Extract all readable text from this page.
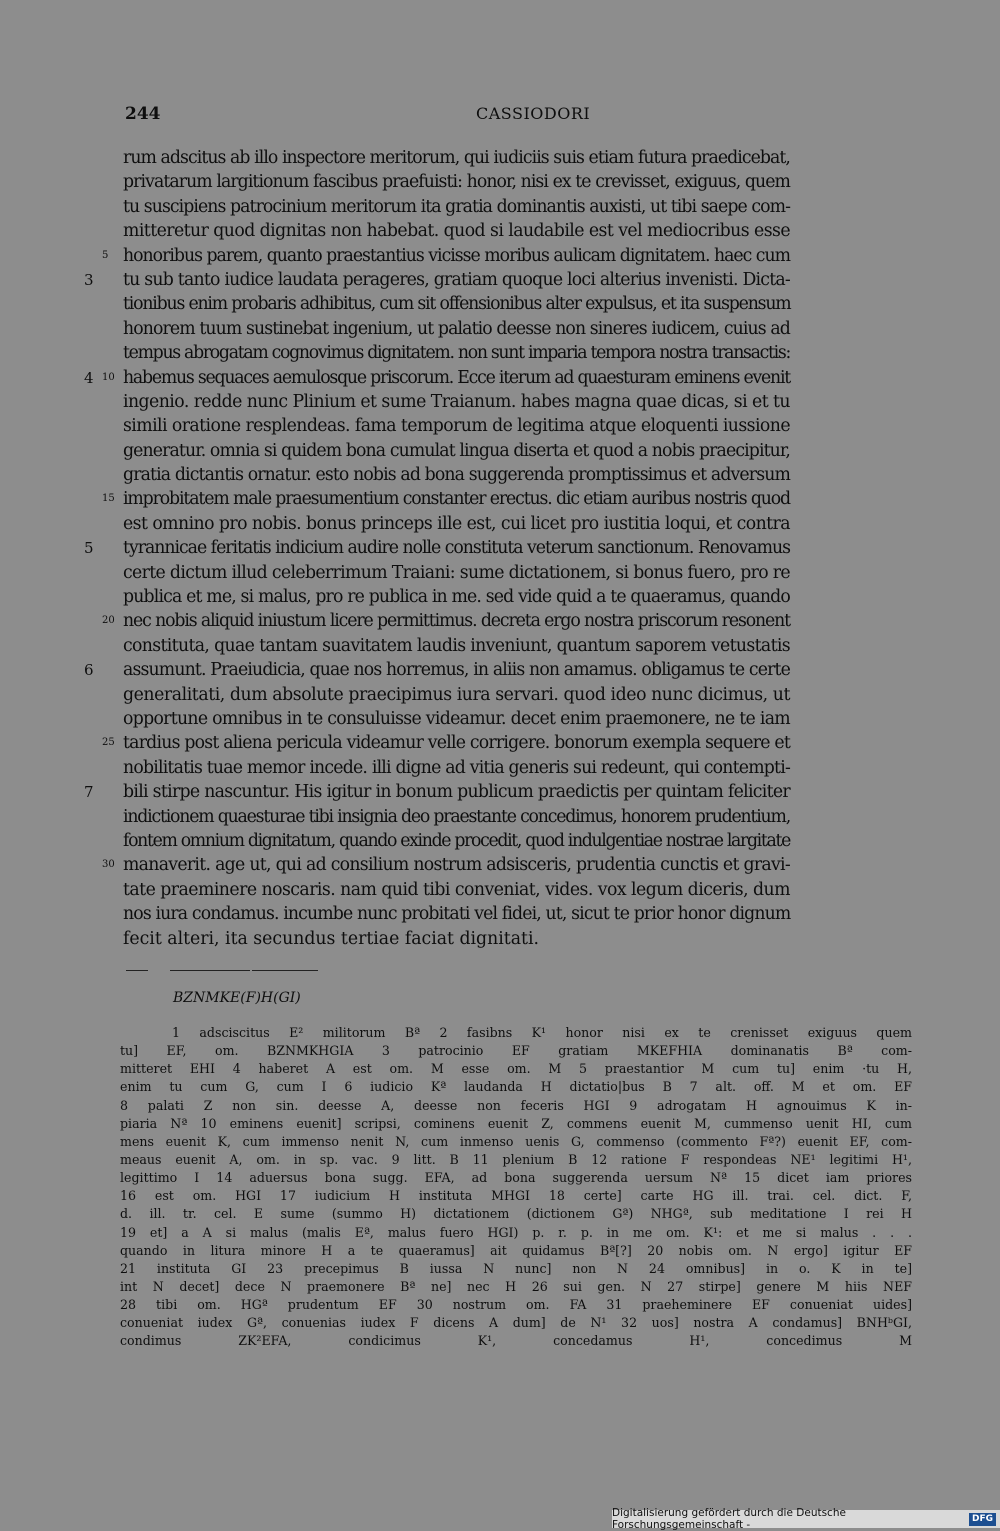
244	CASSIODORI
rum adscitus ab illo inspectore meritorum, qui iudiciis suis etiam futura praedicebat,
privatarum largitionum fascibus praefuisti: honor, nisi ex te crevisset, exiguus, quem
tu suscipiens patrocinium meritorum ita gratia dominantis auxisti, ut tibi saepe com-
mitteretur quod dignitas non habebat. quod si laudabile est vel mediocribus esse
5 honoribus parem, quanto praestantius vicisse moribus aulicam dignitatem. haec cum
3 tu sub tanto iudice laudata perageres, gratiam quoque loci alterius invenisti. Dicta-
tionibus enim probaris adhibitus, cum sit offensionibus alter expulsus, et ita suspensum
honorem tuum sustinebat ingenium, ut palatio deesse non sineres iudicem, cuius ad
tempus abrogatam cognovimus dignitatem. non sunt imparia tempora nostra transactis:
4 10 habemus sequaces aemulosque priscorum. Ecce iterum ad quaesturam eminens evenit
ingenio. redde nunc Plinium et sume Traianum. habes magna quae dicas, si et tu
simili oratione resplendeas. fama temporum de legitima atque eloquenti iussione
generatur. omnia si quidem bona cumulat lingua diserta et quod a nobis praecipitur,
gratia dictantis ornatur. esto nobis ad bona suggerenda promptissimus et adversum
15 improbitatem male praesumentium constanter erectus. dic etiam auribus nostris quod
est omnino pro nobis. bonus princeps ille est, cui licet pro iustitia loqui, et contra
5 tyrannicae feritatis indicium audire nolle constituta veterum sanctionum. Renovamus
certe dictum illud celeberrimum Traiani: sume dictationem, si bonus fuero, pro re
publica et me, si malus, pro re publica in me. sed vide quid a te quaeramus, quando
20 nec nobis aliquid iniustum licere permittimus. decreta ergo nostra priscorum resonent
constituta, quae tantam suavitatem laudis inveniunt, quantum saporem vetustatis
6 assumunt. Praeiudicia, quae nos horremus, in aliis non amamus. obligamus te certe
generalitati, dum absolute praecipimus iura servari. quod ideo nunc dicimus, ut
opportune omnibus in te consuluisse videamur. decet enim praemonere, ne te iam
25 tardius post aliena pericula videamur velle corrigere. bonorum exempla sequere et
nobilitatis tuae memor incede. illi digne ad vitia generis sui redeunt, qui contempti-
7 bili stirpe nascuntur. His igitur in bonum publicum praedictis per quintam feliciter
indictionem quaesturae tibi insignia deo praestante concedimus, honorem prudentium,
fontem omnium dignitatum, quando exinde procedit, quod indulgentiae nostrae largitate
30 manaverit. age ut, qui ad consilium nostrum adsisceris, prudentia cunctis et gravi-
tate praeminere noscaris. nam quid tibi conveniat, vides. vox legum diceris, dum
nos iura condamus. incumbe nunc probitati vel fidei, ut, sicut te prior honor dignum
fecit alteri, ita secundus tertiae faciat dignitati.
BZNMKE(F)H(GI)
1 adsciscitus E² militorum Bª 2 fasibns K¹ honor nisi ex te crenisset exiguus quem
tu] EF, om. BZNMKHGIA 3 patrocinio EF gratiam MKEFHIA dominanatis Bª com-
mitteret EHI 4 haberet A est om. M esse om. M 5 praestantior M cum tu] enim ·tu H,
enim tu cum G, cum I 6 iudicio Kª laudanda H dictatio|bus B 7 alt. off. M et om. EF
8 palati Z non sin. deesse A, deesse non feceris HGI 9 adrogatam H agnouimus K in-
piaria Nª 10 eminens euenit] scripsi, cominens euenit Z, commens euenit M, cummenso uenit HI, cum
mens euenit K, cum immenso nenit N, cum inmenso uenis G, commenso (commento Fª?) euenit EF, com-
meaus euenit A, om. in sp. vac. 9 litt. B 11 plenium B 12 ratione F respondeas NE¹ legitimi H¹,
legittimo I 14 aduersus bona sugg. EFA, ad bona suggerenda uersum Nª 15 dicet iam priores
16 est om. HGI 17 iudicium H instituta MHGI 18 certe] carte HG ill. trai. cel. dict. F,
d. ill. tr. cel. E sume (summo H) dictationem (dictionem Gª) NHGª, sub meditatione I rei H
19 et] a A si malus (malis Eª, malus fuero HGI) p. r. p. in me om. K¹: et me si malus . . .
quando in litura minore H a te quaeramus] ait quidamus Bª[?] 20 nobis om. N ergo] igitur EF
21 instituta GI 23 precepimus B iussa N nunc] non N 24 omnibus] in o. K in te]
int N decet] dece N praemonere Bª ne] nec H 26 sui gen. N 27 stirpe] genere M hiis NEF
28 tibi om. HGª prudentum EF 30 nostrum om. FA 31 praeheminere EF conueniat uides]
conueniat iudex Gª, conuenias iudex F dicens A dum] de N¹ 32 uos] nostra A condamus] BNHᵇGI,
condimus ZK²EFA, condicimus K¹, concedamus H¹, concedimus M
Digitalisierung gefördert durch die Deutsche Forschungsgemeinschaft -
DFG
